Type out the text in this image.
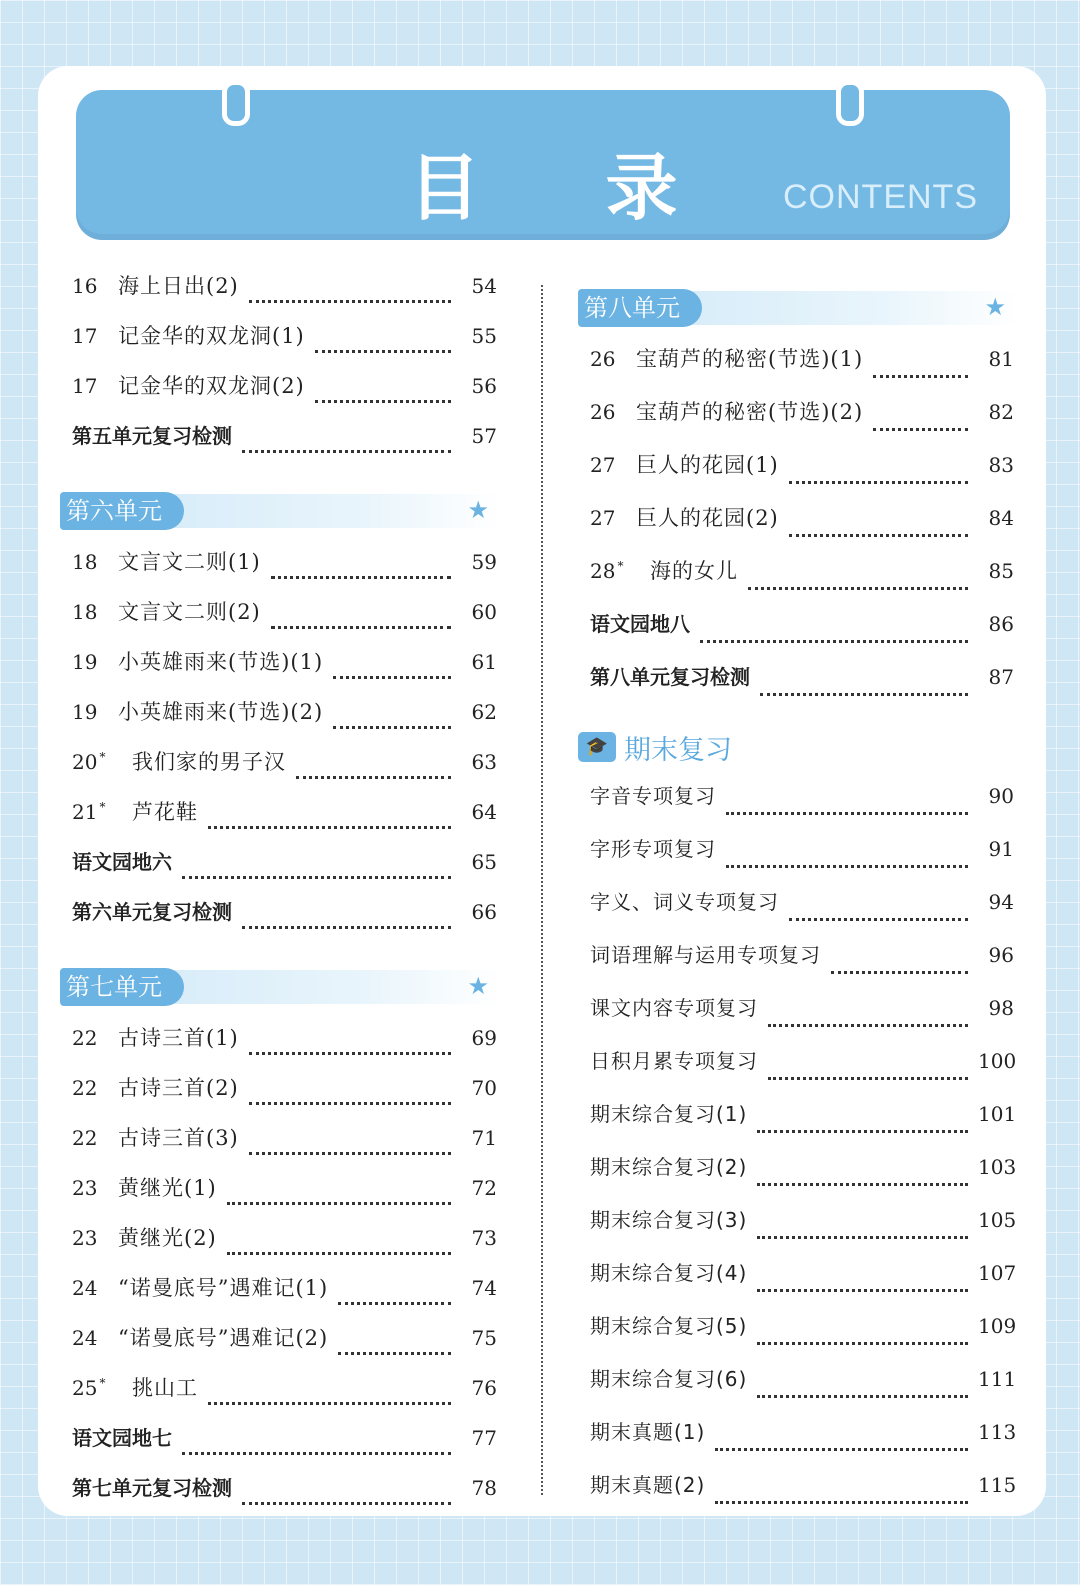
目 录	CONTENTS
16 海上日出(2)	54
17 记金华的双龙洞(1)	55
17 记金华的双龙洞(2)	56
第五单元复习检测	57
第六单元	★
18 文言文二则(1)	59
18 文言文二则(2)	60
19 小英雄雨来(节选)(1)	61
19 小英雄雨来(节选)(2)	62
20 *	我们家的男子汉	63
21 *	芦花鞋	64
语文园地六	65
第六单元复习检测	66
第七单元	★
22 古诗三首(1)	69
22 古诗三首(2)	70
22 古诗三首(3)	71
23 黄继光(1)	72
23 黄继光(2)	73
24 “诺曼底号”遇难记(1)	74
24 “诺曼底号”遇难记(2)	75
25 *	挑山工	76
语文园地七	77
第七单元复习检测	78
第八单元	★
26 宝葫芦的秘密(节选)(1)	81
26 宝葫芦的秘密(节选)(2)	82
27 巨人的花园(1)	83
27 巨人的花园(2)	84
28 *	海的女儿	85
语文园地八	86
第八单元复习检测	87
🎓 期末复习
字音专项复习	90
字形专项复习	91
字义、词义专项复习	94
词语理解与运用专项复习	96
课文内容专项复习	98
日积月累专项复习	100
期末综合复习(1)	101
期末综合复习(2)	103
期末综合复习(3)	105
期末综合复习(4)	107
期末综合复习(5)	109
期末综合复习(6)	111
期末真题(1)	113
期末真题(2)	115
